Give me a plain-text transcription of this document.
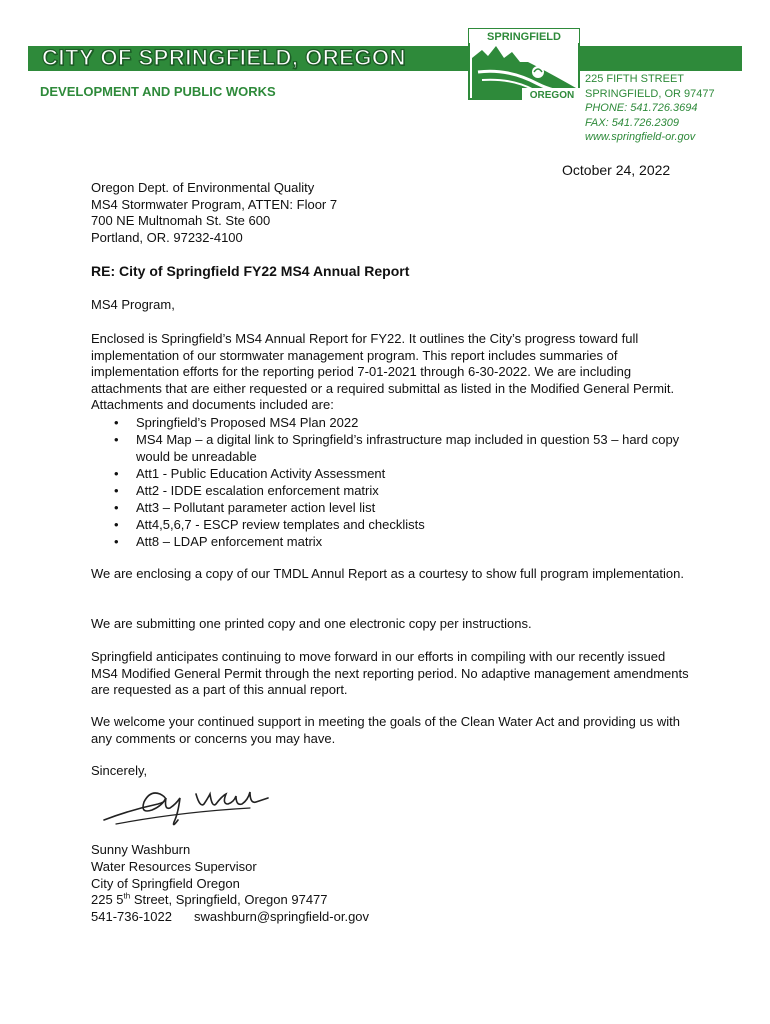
CITY OF SPRINGFIELD, OREGON
DEVELOPMENT AND PUBLIC WORKS
SPRINGFIELD
OREGON
225 FIFTH STREET
SPRINGFIELD, OR 97477
PHONE: 541.726.3694
FAX: 541.726.2309
www.springfield-or.gov
October 24, 2022
Oregon Dept. of Environmental Quality
MS4 Stormwater Program, ATTEN: Floor 7
700 NE Multnomah St. Ste 600
Portland, OR. 97232-4100
RE: City of Springfield FY22 MS4 Annual Report
MS4 Program,

Enclosed is Springfield’s MS4 Annual Report for FY22. It outlines the City’s progress toward full implementation of our stormwater management program. This report includes summaries of implementation efforts for the reporting period 7-01-2021 through 6-30-2022. We are including attachments that are either requested or a required submittal as listed in the Modified General Permit. Attachments and documents included are:

• Springfield’s Proposed MS4 Plan 2022
• MS4 Map – a digital link to Springfield’s infrastructure map included in question 53 – hard copy would be unreadable
• Att1 - Public Education Activity Assessment
• Att2 - IDDE escalation enforcement matrix
• Att3 – Pollutant parameter action level list
• Att4,5,6,7 - ESCP review templates and checklists
• Att8 – LDAP enforcement matrix

We are enclosing a copy of our TMDL Annul Report as a courtesy to show full program implementation.

We are submitting one printed copy and one electronic copy per instructions.

Springfield anticipates continuing to move forward in our efforts in compiling with our recently issued MS4 Modified General Permit through the next reporting period. No adaptive management amendments are requested as a part of this annual report.

We welcome your continued support in meeting the goals of the Clean Water Act and providing us with any comments or concerns you may have.

Sincerely,

Sunny Washburn
Water Resources Supervisor
City of Springfield Oregon
225 5th Street, Springfield, Oregon 97477
541-736-1022 swashburn@springfield-or.gov
